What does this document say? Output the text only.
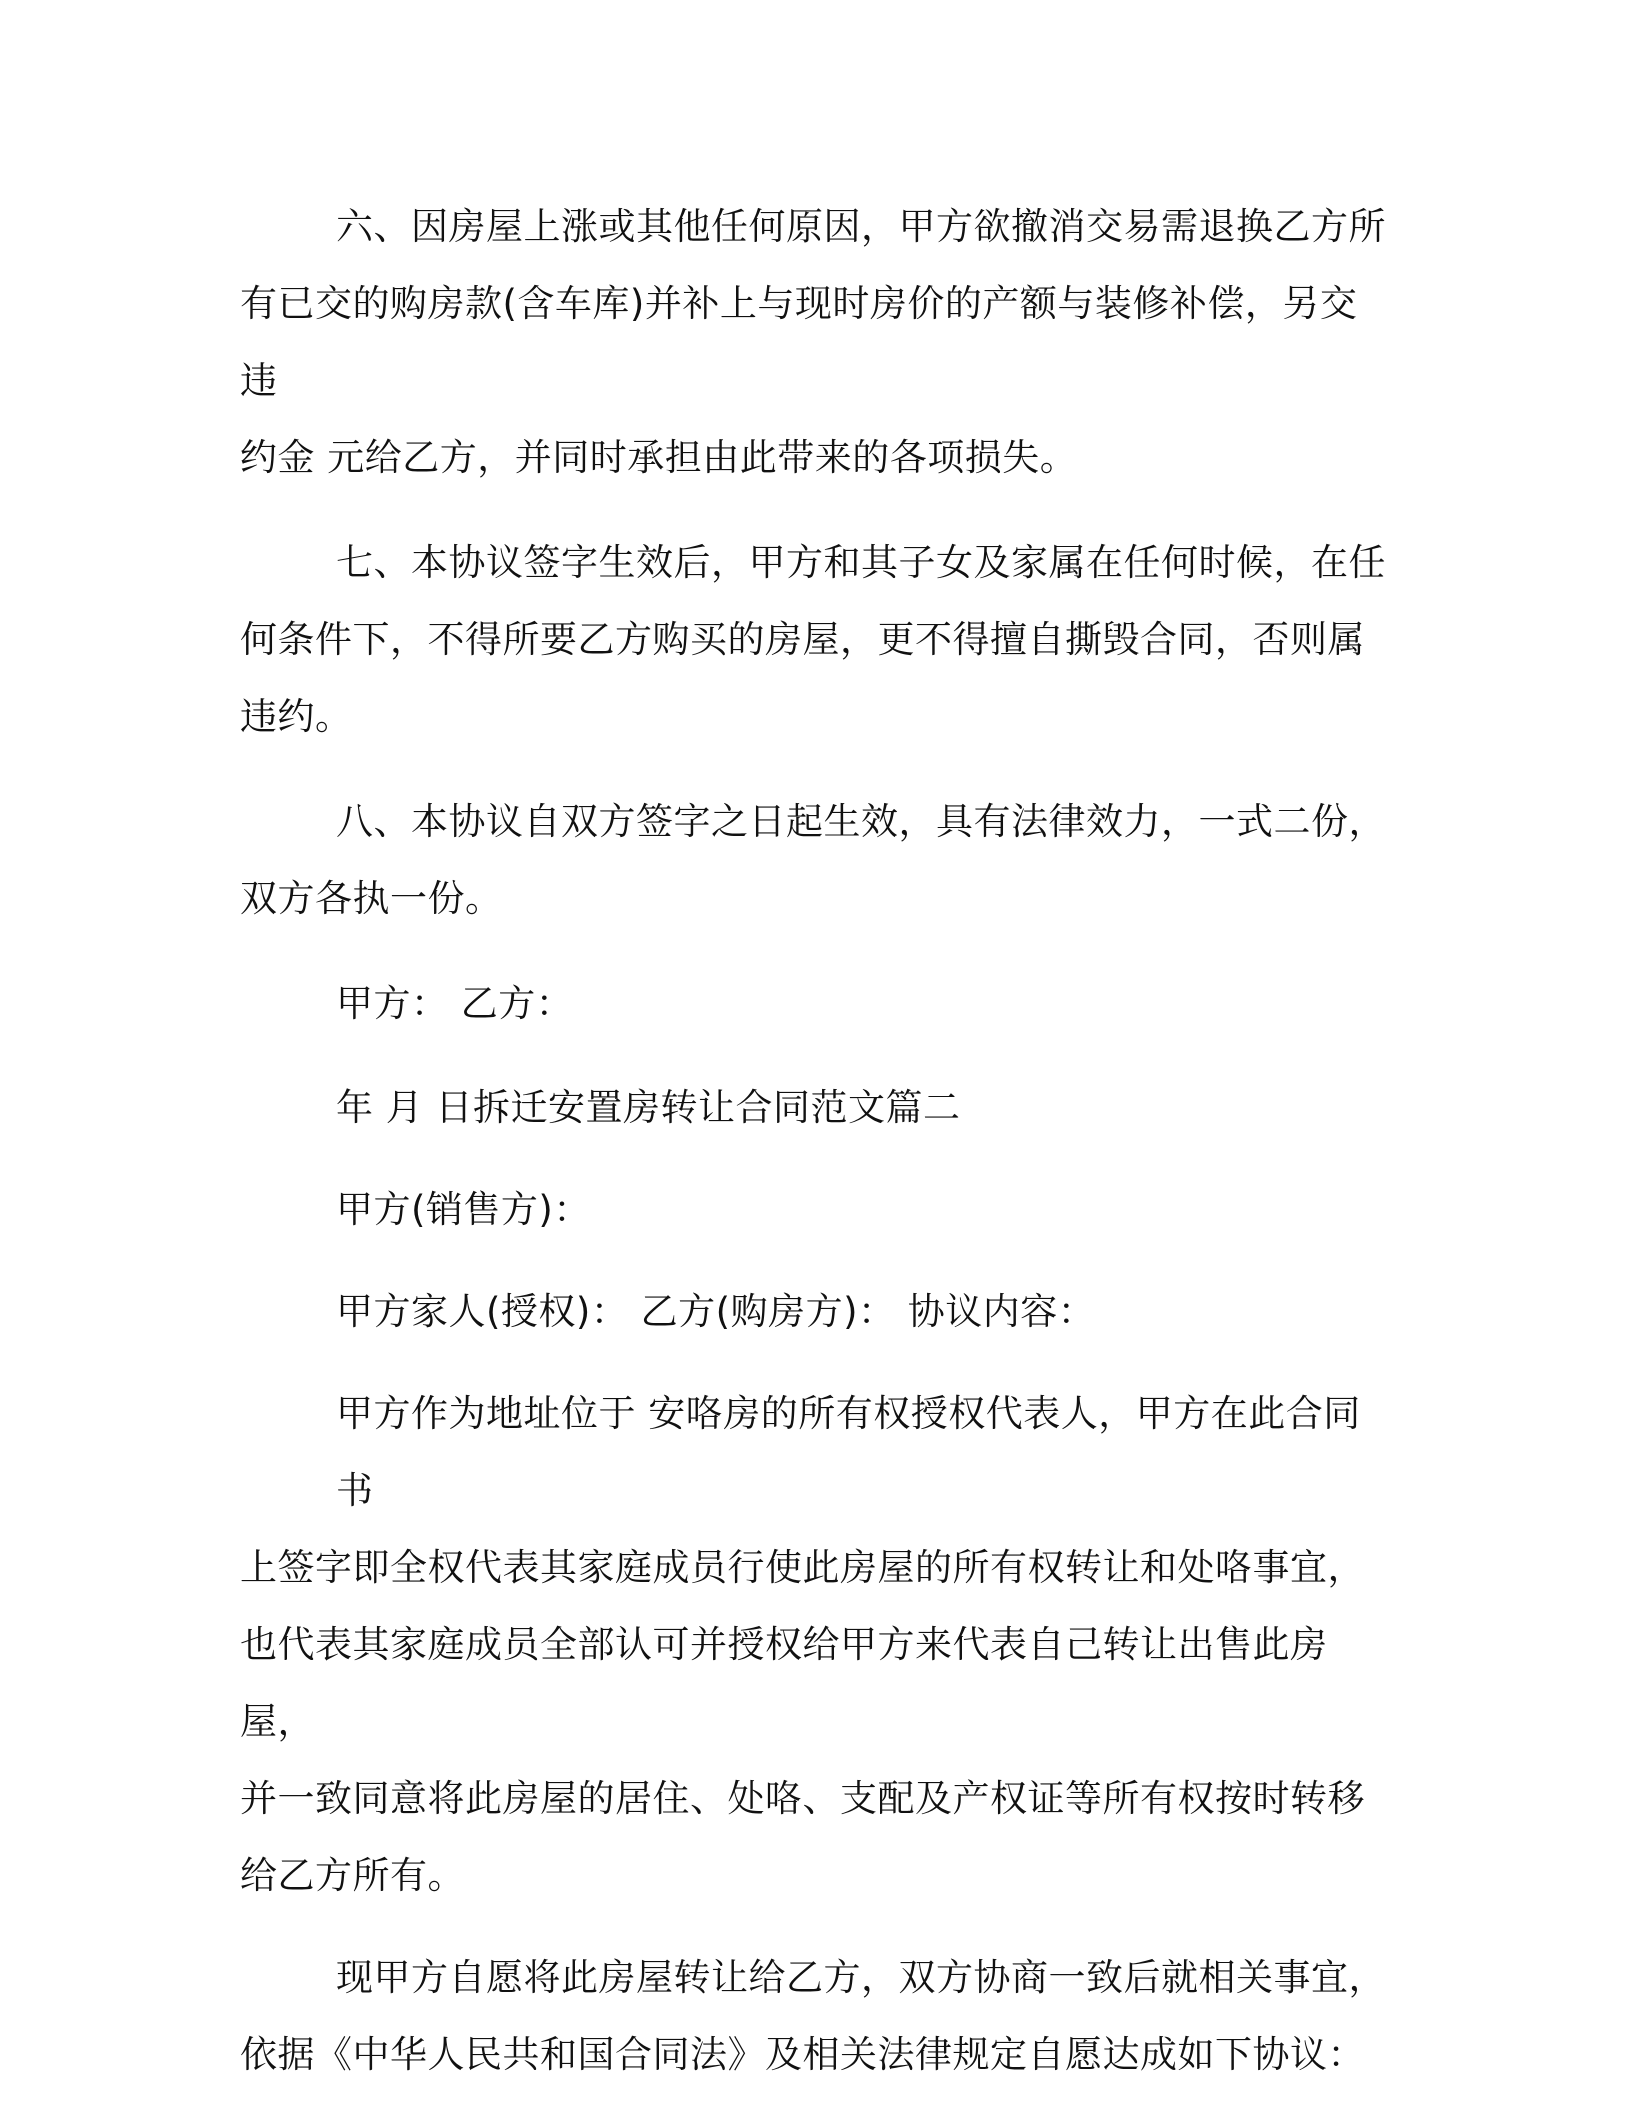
六、因房屋上涨或其他任何原因，甲方欲撤消交易需退换乙方所
有已交的购房款(含车库)并补上与现时房价的产额与装修补偿，另交违
约金 元给乙方，并同时承担由此带来的各项损失。

七、本协议签字生效后，甲方和其子女及家属在任何时候，在任
何条件下，不得所要乙方购买的房屋，更不得擅自撕毁合同，否则属
违约。

八、本协议自双方签字之日起生效，具有法律效力，一式二份，
双方各执一份。

甲方： 乙方：

年 月 日拆迁安置房转让合同范文篇二

甲方(销售方)：

甲方家人(授权)： 乙方(购房方)： 协议内容：

甲方作为地址位于 安咯房的所有权授权代表人，甲方在此合同书
上签字即全权代表其家庭成员行使此房屋的所有权转让和处咯事宜，
也代表其家庭成员全部认可并授权给甲方来代表自己转让出售此房屋，
并一致同意将此房屋的居住、处咯、支配及产权证等所有权按时转移
给乙方所有。

现甲方自愿将此房屋转让给乙方，双方协商一致后就相关事宜，
依据《中华人民共和国合同法》及相关法律规定自愿达成如下协议：
